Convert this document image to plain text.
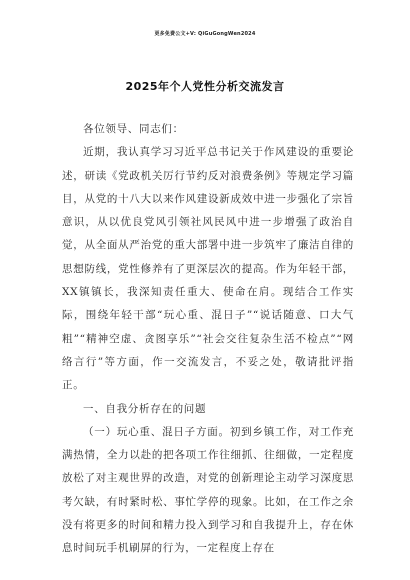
更多免费公文+V: QiGuGongWen2024
2025年个人党性分析交流发言

各位领导、同志们：

近期，我认真学习习近平总书记关于作风建设的重要论述，研读《党政机关厉行节约反对浪费条例》等规定学习篇目，从党的十八大以来作风建设新成效中进一步强化了宗旨意识，从以优良党风引领社风民风中进一步增强了政治自觉，从全面从严治党的重大部署中进一步筑牢了廉洁自律的思想防线，党性修养有了更深层次的提高。作为年轻干部，XX镇镇长，我深知责任重大、使命在肩。现结合工作实际，围绕年轻干部“玩心重、混日子”“说话随意、口大气粗”“精神空虚、贪图享乐”“社会交往复杂生活不检点”“网络言行”等方面，作一交流发言，不妥之处，敬请批评指正。

一、自我分析存在的问题

（一）玩心重、混日子方面。初到乡镇工作，对工作充满热情，全力以赴的把各项工作往细抓、往细做，一定程度放松了对主观世界的改造，对党的创新理论主动学习深度思考欠缺，有时紧时松、事忙学停的现象。比如，在工作之余没有将更多的时间和精力投入到学习和自我提升上，存在休息时间玩手机刷屏的行为，一定程度上存在
